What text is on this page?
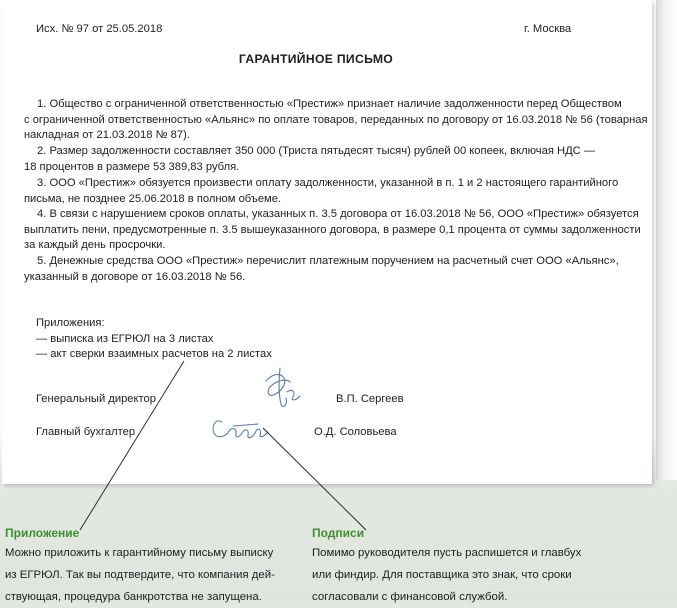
Исх. № 97 от 25.05.2018	г. Москва
ГАРАНТИЙНОЕ ПИСЬМО
1. Общество с ограниченной ответственностью «Престиж» признает наличие задолженности перед Обществом
с ограниченной ответственностью «Альянс» по оплате товаров, переданных по договору от 16.03.2018 № 56 (товарная
накладная от 21.03.2018 № 87).
2. Размер задолженности составляет 350 000 (Триста пятьдесят тысяч) рублей 00 копеек, включая НДС —
18 процентов в размере 53 389,83 рубля.
3. ООО «Престиж» обязуется произвести оплату задолженности, указанной в п. 1 и 2 настоящего гарантийного
письма, не позднее 25.06.2018 в полном объеме.
4. В связи с нарушением сроков оплаты, указанных п. 3.5 договора от 16.03.2018 № 56, ООО «Престиж» обязуется
выплатить пени, предусмотренные п. 3.5 вышеуказанного договора, в размере 0,1 процента от суммы задолженности
за каждый день просрочки.
5. Денежные средства ООО «Престиж» перечислит платежным поручением на расчетный счет ООО «Альянс»,
указанный в договоре от 16.03.2018 № 56.
Приложения:
— выписка из ЕГРЮЛ на 3 листах
— акт сверки взаимных расчетов на 2 листах
Генеральный директор	В.П. Сергеев
Главный бухгалтер	О.Д. Соловьева
Приложение
Можно приложить к гарантийному письму выписку
из ЕГРЮЛ. Так вы подтвердите, что компания дей-
ствующая, процедура банкротства не запущена.
Подписи
Помимо руководителя пусть распишется и главбух
или финдир. Для поставщика это знак, что сроки
согласовали с финансовой службой.
